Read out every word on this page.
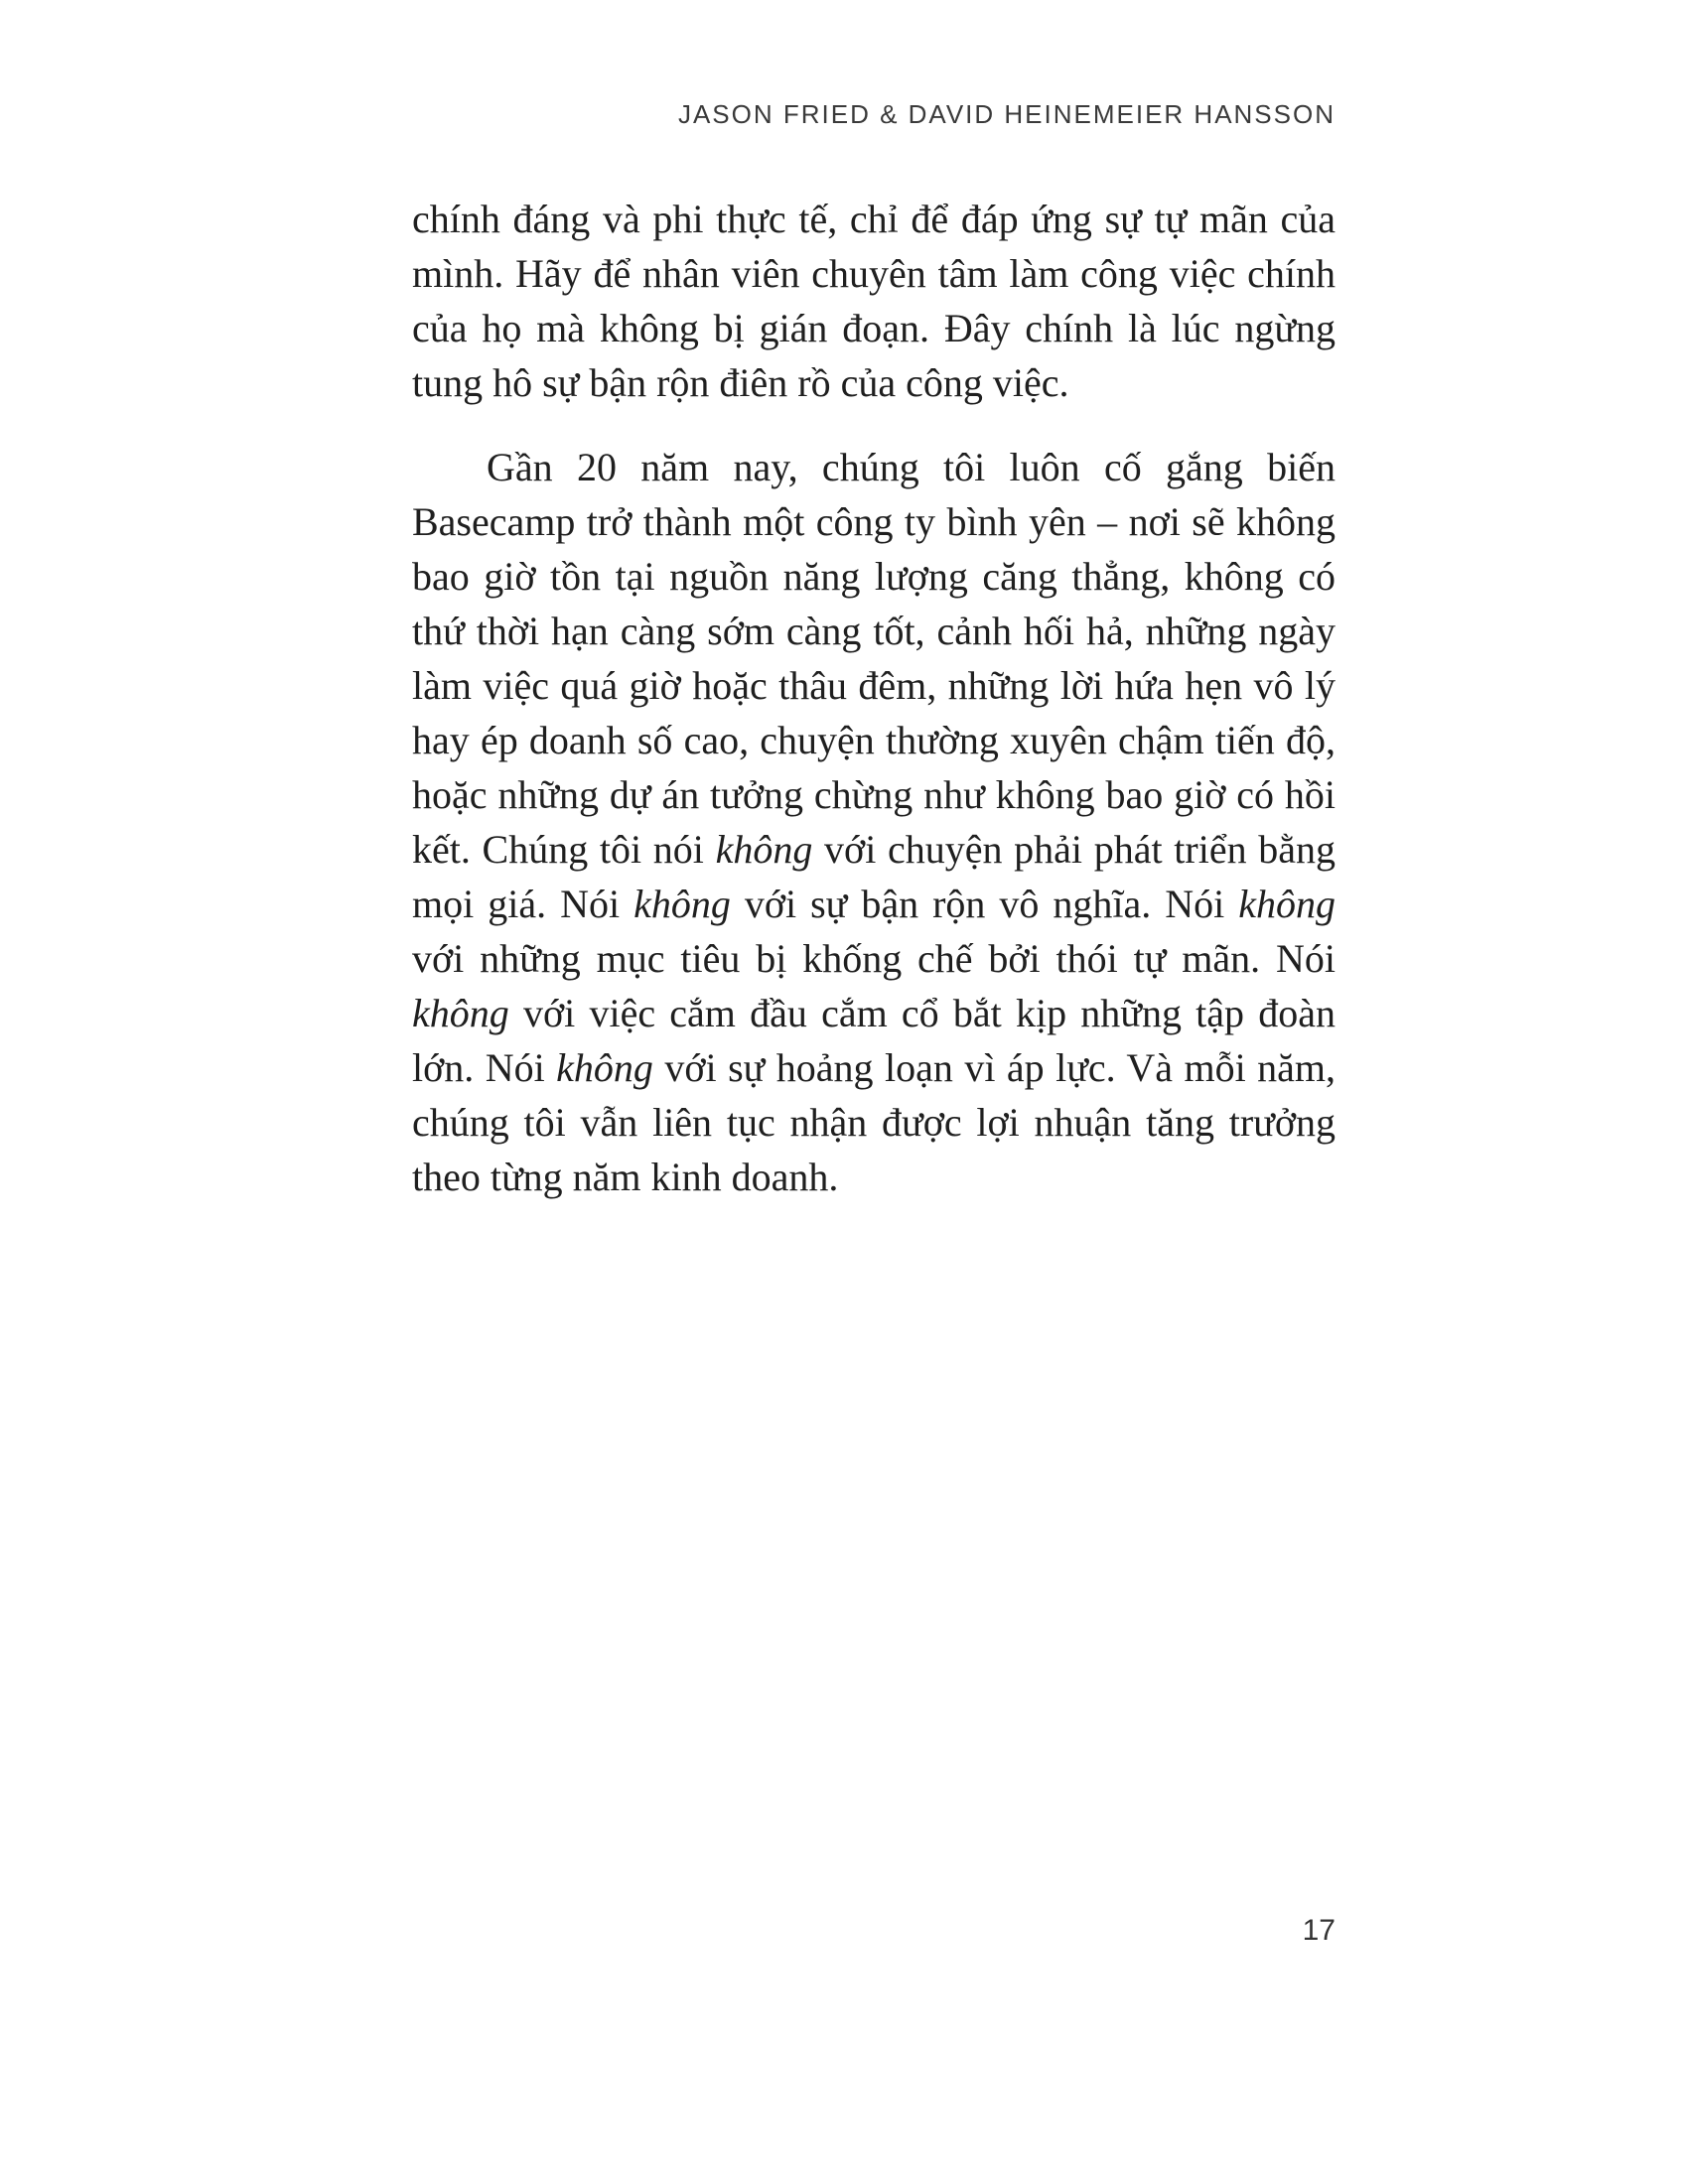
JASON FRIED & DAVID HEINEMEIER HANSSON

chính đáng và phi thực tế, chỉ để đáp ứng sự tự mãn của mình. Hãy để nhân viên chuyên tâm làm công việc chính của họ mà không bị gián đoạn. Đây chính là lúc ngừng tung hô sự bận rộn điên rồ của công việc.

Gần 20 năm nay, chúng tôi luôn cố gắng biến Basecamp trở thành một công ty bình yên – nơi sẽ không bao giờ tồn tại nguồn năng lượng căng thẳng, không có thứ thời hạn càng sớm càng tốt, cảnh hối hả, những ngày làm việc quá giờ hoặc thâu đêm, những lời hứa hẹn vô lý hay ép doanh số cao, chuyện thường xuyên chậm tiến độ, hoặc những dự án tưởng chừng như không bao giờ có hồi kết. Chúng tôi nói không với chuyện phải phát triển bằng mọi giá. Nói không với sự bận rộn vô nghĩa. Nói không với những mục tiêu bị khống chế bởi thói tự mãn. Nói không với việc cắm đầu cắm cổ bắt kịp những tập đoàn lớn. Nói không với sự hoảng loạn vì áp lực. Và mỗi năm, chúng tôi vẫn liên tục nhận được lợi nhuận tăng trưởng theo từng năm kinh doanh.

17
